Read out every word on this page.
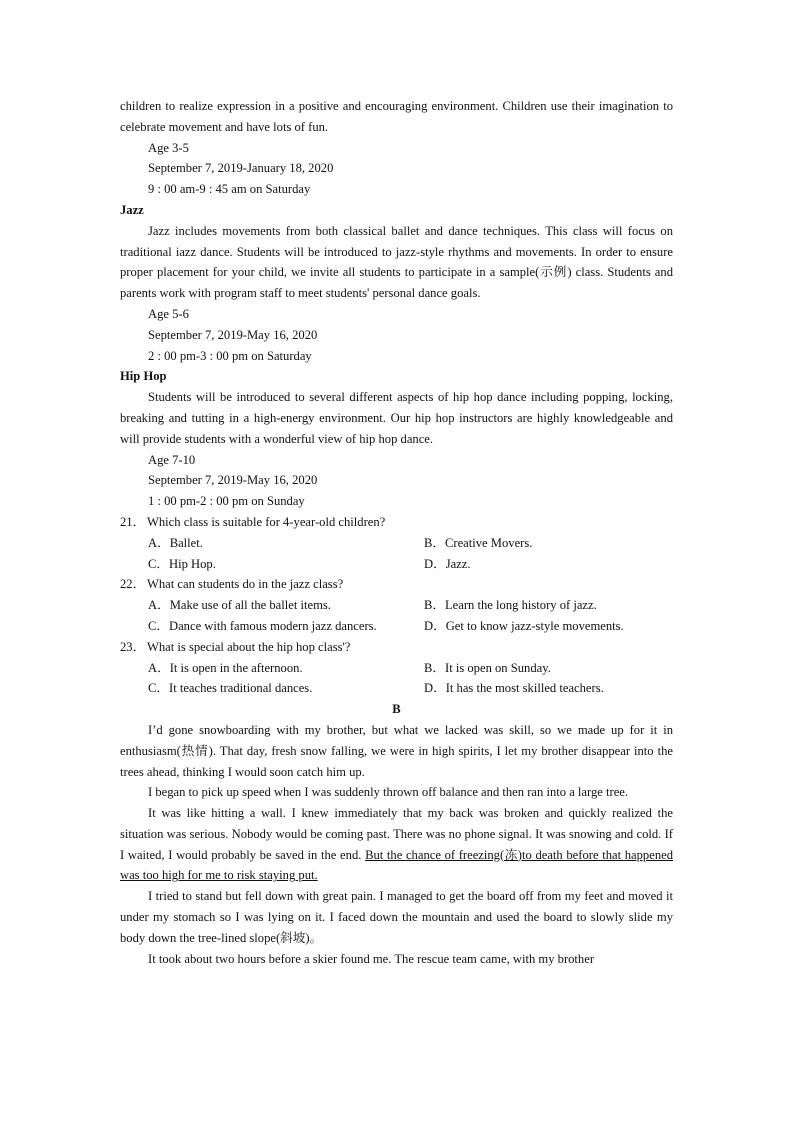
children to realize expression in a positive and encouraging environment. Children use their imagination to celebrate movement and have lots of fun.

Age 3-5

September 7, 2019-January 18, 2020

9 : 00 am-9 : 45 am on Saturday

Jazz

Jazz includes movements from both classical ballet and dance techniques. This class will focus on traditional iazz dance. Students will be introduced to jazz-style rhythms and movements. In order to ensure proper placement for your child, we invite all students to participate in a sample(示例) class. Students and parents work with program staff to meet students' personal dance goals.

Age 5-6

September 7, 2019-May 16, 2020

2 : 00 pm-3 : 00 pm on Saturday

Hip Hop

Students will be introduced to several different aspects of hip hop dance including popping, locking, breaking and tutting in a high-energy environment. Our hip hop instructors are highly knowledgeable and will provide students with a wonderful view of hip hop dance.

Age 7-10

September 7, 2019-May 16, 2020

1 : 00 pm-2 : 00 pm on Sunday

21． Which class is suitable for 4-year-old children?

A．Ballet.	B．Creative Movers.
C．Hip Hop.	D．Jazz.

22． What can students do in the jazz class?

A．Make use of all the ballet items.	B．Learn the long history of jazz.
C．Dance with famous modern jazz dancers.	D．Get to know jazz-style movements.

23． What is special about the hip hop class'?

A．It is open in the afternoon.	B．It is open on Sunday.
C．It teaches traditional dances.	D．It has the most skilled teachers.

B

I’d gone snowboarding with my brother, but what we lacked was skill, so we made up for it in enthusiasm(热情). That day, fresh snow falling, we were in high spirits, I let my brother disappear into the trees ahead, thinking I would soon catch him up.

I began to pick up speed when I was suddenly thrown off balance and then ran into a large tree.

It was like hitting a wall. I knew immediately that my back was broken and quickly realized the situation was serious. Nobody would be coming past. There was no phone signal. It was snowing and cold. If I waited, I would probably be saved in the end. But the chance of freezing(冻)to death before that happened was too high for me to risk staying put.

I tried to stand but fell down with great pain. I managed to get the board off from my feet and moved it under my stomach so I was lying on it. I faced down the mountain and used the board to slowly slide my body down the tree-lined slope(斜坡)。

It took about two hours before a skier found me. The rescue team came, with my brother
